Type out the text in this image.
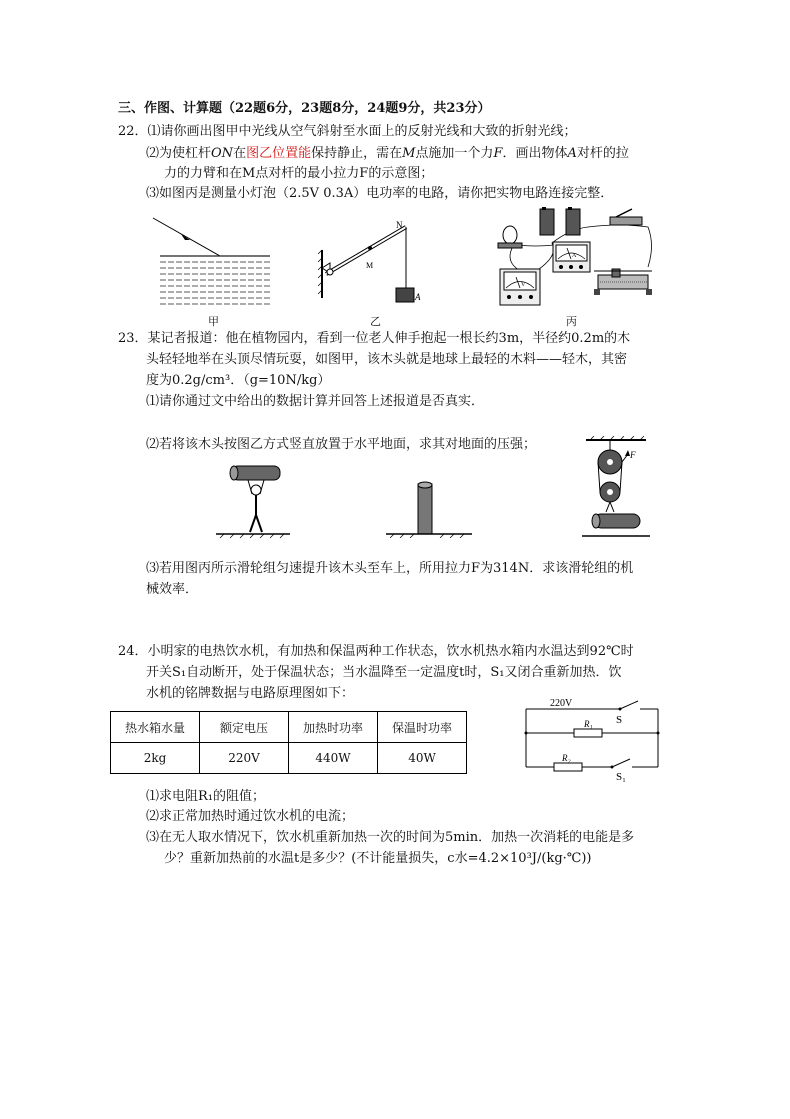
三、作图、计算题（22题6分，23题8分，24题9分，共23分）
22．⑴请你画出图甲中光线从空气斜射至水面上的反射光线和大致的折射光线；
⑵为使杠杆ON在图乙位置能保持静止，需在M点施加一个力F．画出物体A对杆的拉
力的力臂和在M点对杆的最小拉力F的示意图；
⑶如图丙是测量小灯泡（2.5V 0.3A）电功率的电路，请你把实物电路连接完整．
N
M
A
A
V
甲	乙	丙
23．某记者报道：他在植物园内，看到一位老人伸手抱起一根长约3m，半径约0.2m的木
头轻轻地举在头顶尽情玩耍，如图甲，该木头就是地球上最轻的木料——轻木，其密
度为0.2g/cm³．（g=10N/kg）
⑴请你通过文中给出的数据计算并回答上述报道是否真实．
⑵若将该木头按图乙方式竖直放置于水平地面，求其对地面的压强；
F
⑶若用图丙所示滑轮组匀速提升该木头至车上，所用拉力F为314N．求该滑轮组的机
械效率．
24．小明家的电热饮水机，有加热和保温两种工作状态，饮水机热水箱内水温达到92℃时
开关S₁自动断开，处于保温状态；当水温降至一定温度t时，S₁又闭合重新加热．饮
水机的铭牌数据与电路原理图如下：
热水箱水量	额定电压	加热时功率	保温时功率
2kg	220V	440W	40W
220V
S
R₁
R₂
S₁
⑴求电阻R₁的阻值；
⑵求正常加热时通过饮水机的电流；
⑶在无人取水情况下，饮水机重新加热一次的时间为5min．加热一次消耗的电能是多
少？重新加热前的水温t是多少？(不计能量损失，c水=4.2×10³J/(kg·℃))
